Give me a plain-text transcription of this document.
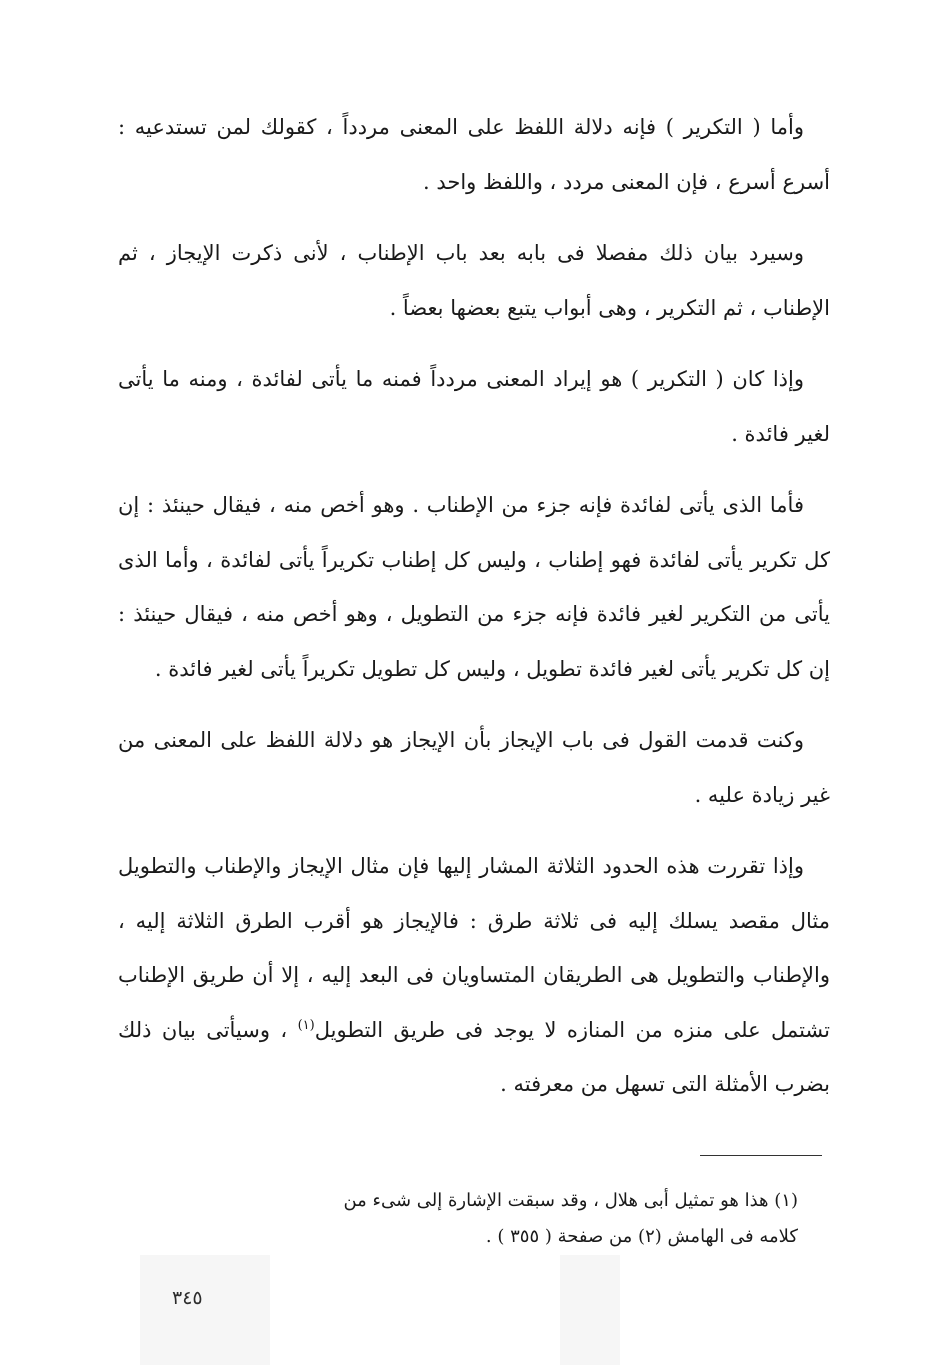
وأما ( التكرير ) فإنه دلالة اللفظ على المعنى مردداً ، كقولك لمن تستدعيه : أسرع أسرع ، فإن المعنى مردد ، واللفظ واحد .

وسيرد بيان ذلك مفصلا فى بابه بعد باب الإطناب ، لأنى ذكرت الإيجاز ، ثم الإطناب ، ثم التكرير ، وهى أبواب يتبع بعضها بعضاً .

وإذا كان ( التكرير ) هو إيراد المعنى مردداً فمنه ما يأتى لفائدة ، ومنه ما يأتى لغير فائدة .

فأما الذى يأتى لفائدة فإنه جزء من الإطناب . وهو أخص منه ، فيقال حينئذ : إن كل تكرير يأتى لفائدة فهو إطناب ، وليس كل إطناب تكريراً يأتى لفائدة ، وأما الذى يأتى من التكرير لغير فائدة فإنه جزء من التطويل ، وهو أخص منه ، فيقال حينئذ : إن كل تكرير يأتى لغير فائدة تطويل ، وليس كل تطويل تكريراً يأتى لغير فائدة .

وكنت قدمت القول فى باب الإيجاز بأن الإيجاز هو دلالة اللفظ على المعنى من غير زيادة عليه .

وإذا تقررت هذه الحدود الثلاثة المشار إليها فإن مثال الإيجاز والإطناب والتطويل مثال مقصد يسلك إليه فى ثلاثة طرق : فالإيجاز هو أقرب الطرق الثلاثة إليه ، والإطناب والتطويل هى الطريقان المتساويان فى البعد إليه ، إلا أن طريق الإطناب تشتمل على منزه من المنازه لا يوجد فى طريق التطويل$^{(١)}$ ، وسيأتى بيان ذلك بضرب الأمثلة التى تسهل من معرفته .

(١) هذا هو تمثيل أبى هلال ، وقد سبقت الإشارة إلى شىء من
كلامه فى الهامش (٢) من صفحة ( ٣٥٥ ) .
٣٤٥
